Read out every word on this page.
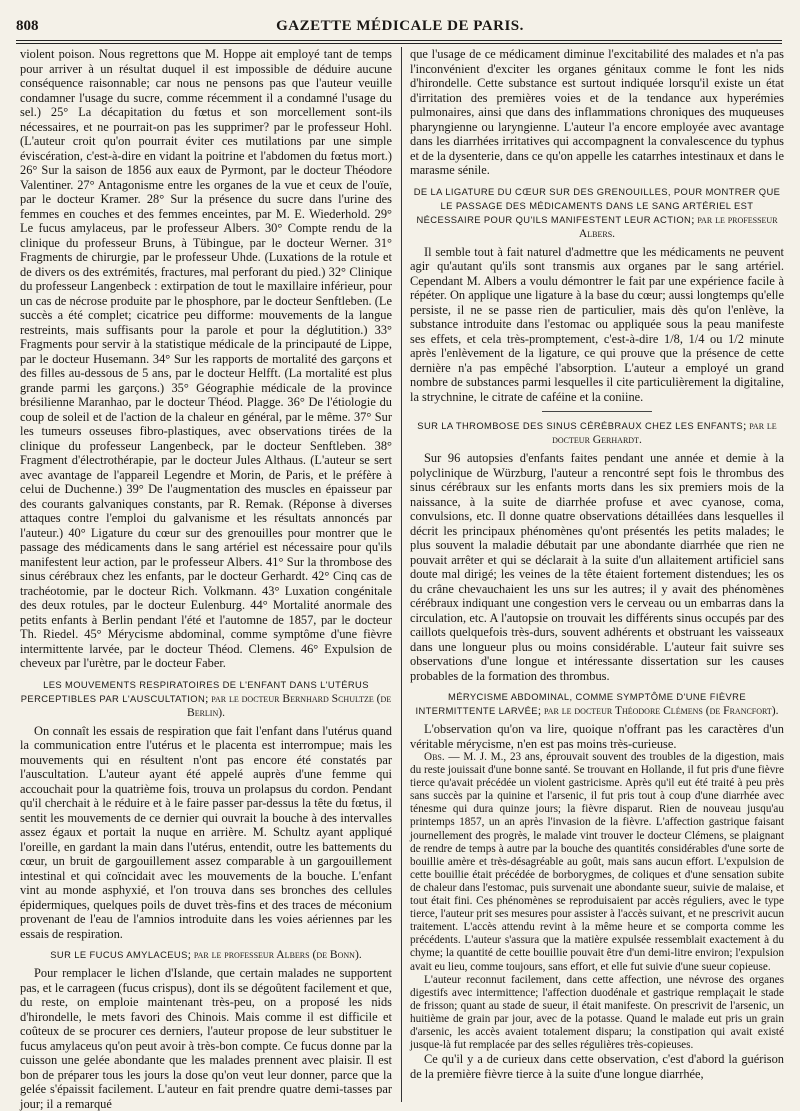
808	GAZETTE MÉDICALE DE PARIS.

violent poison. Nous regrettons que M. Hoppe ait employé tant de temps pour arriver à un résultat duquel il est impossible de déduire aucune conséquence raisonnable; car nous ne pensons pas que l'auteur veuille condamner l'usage du sucre, comme récemment il a condamné l'usage du sel.) 25° La décapitation du fœtus et son morcellement sont-ils nécessaires, et ne pourrait-on pas les supprimer? par le professeur Hohl. (L'auteur croit qu'on pourrait éviter ces mutilations par une simple éviscération, c'est-à-dire en vidant la poitrine et l'abdomen du fœtus mort.) 26° Sur la saison de 1856 aux eaux de Pyrmont, par le docteur Théodore Valentiner. 27° Antagonisme entre les organes de la vue et ceux de l'ouïe, par le docteur Kramer. 28° Sur la présence du sucre dans l'urine des femmes en couches et des femmes enceintes, par M. E. Wiederhold. 29° Le fucus amylaceus, par le professeur Albers. 30° Compte rendu de la clinique du professeur Bruns, à Tübingue, par le docteur Werner. 31° Fragments de chirurgie, par le professeur Uhde. (Luxations de la rotule et de divers os des extrémités, fractures, mal perforant du pied.) 32° Clinique du professeur Langenbeck : extirpation de tout le maxillaire inférieur, pour un cas de nécrose produite par le phosphore, par le docteur Senftleben. (Le succès a été complet; cicatrice peu difforme: mouvements de la langue restreints, mais suffisants pour la parole et pour la déglutition.) 33° Fragments pour servir à la statistique médicale de la principauté de Lippe, par le docteur Husemann. 34° Sur les rapports de mortalité des garçons et des filles au-dessous de 5 ans, par le docteur Helfft. (La mortalité est plus grande parmi les garçons.) 35° Géographie médicale de la province brésilienne Maranhao, par le docteur Théod. Plagge. 36° De l'étiologie du coup de soleil et de l'action de la chaleur en général, par le même. 37° Sur les tumeurs osseuses fibro-plastiques, avec observations tirées de la clinique du professeur Langenbeck, par le docteur Senftleben. 38° Fragment d'électrothérapie, par le docteur Jules Althaus. (L'auteur se sert avec avantage de l'appareil Legendre et Morin, de Paris, et le préfère à celui de Duchenne.) 39° De l'augmentation des muscles en épaisseur par des courants galvaniques constants, par R. Remak. (Réponse à diverses attaques contre l'emploi du galvanisme et les résultats annoncés par l'auteur.) 40° Ligature du cœur sur des grenouilles pour montrer que le passage des médicaments dans le sang artériel est nécessaire pour qu'ils manifestent leur action, par le professeur Albers. 41° Sur la thrombose des sinus cérébraux chez les enfants, par le docteur Gerhardt. 42° Cinq cas de trachéotomie, par le docteur Rich. Volkmann. 43° Luxation congénitale des deux rotules, par le docteur Eulenburg. 44° Mortalité anormale des petits enfants à Berlin pendant l'été et l'automne de 1857, par le docteur Th. Riedel. 45° Mérycisme abdominal, comme symptôme d'une fièvre intermittente larvée, par le docteur Théod. Clemens. 46° Expulsion de cheveux par l'urètre, par le docteur Faber.

LES MOUVEMENTS RESPIRATOIRES DE L'ENFANT DANS L'UTÉRUS PERCEPTIBLES PAR L'AUSCULTATION; par le docteur Bernhard Schultze (de Berlin).

On connaît les essais de respiration que fait l'enfant dans l'utérus quand la communication entre l'utérus et le placenta est interrompue; mais les mouvements qui en résultent n'ont pas encore été constatés par l'auscultation. L'auteur ayant été appelé auprès d'une femme qui accouchait pour la quatrième fois, trouva un prolapsus du cordon. Pendant qu'il cherchait à le réduire et à le faire passer par-dessus la tête du fœtus, il sentit les mouvements de ce dernier qui ouvrait la bouche à des intervalles assez égaux et portait la nuque en arrière. M. Schultz ayant appliqué l'oreille, en gardant la main dans l'utérus, entendit, outre les battements du cœur, un bruit de gargouillement assez comparable à un gargouillement intestinal et qui coïncidait avec les mouvements de la bouche. L'enfant vint au monde asphyxié, et l'on trouva dans ses bronches des cellules épidermiques, quelques poils de duvet très-fins et des traces de méconium provenant de l'eau de l'amnios introduite dans les voies aériennes par les essais de respiration.

SUR LE FUCUS AMYLACEUS; par le professeur Albers (de Bonn).

Pour remplacer le lichen d'Islande, que certain malades ne supportent pas, et le carrageen (fucus crispus), dont ils se dégoûtent facilement et que, du reste, on emploie maintenant très-peu, on a proposé les nids d'hirondelle, le mets favori des Chinois. Mais comme il est difficile et coûteux de se procurer ces derniers, l'auteur propose de leur substituer le fucus amylaceus qu'on peut avoir à très-bon compte. Ce fucus donne par la cuisson une gelée abondante que les malades prennent avec plaisir. Il est bon de préparer tous les jours la dose qu'on veut leur donner, parce que la gelée s'épaissit facilement. L'auteur en fait prendre quatre demi-tasses par jour; il a remarqué

que l'usage de ce médicament diminue l'excitabilité des malades et n'a pas l'inconvénient d'exciter les organes génitaux comme le font les nids d'hirondelle. Cette substance est surtout indiquée lorsqu'il existe un état d'irritation des premières voies et de la tendance aux hyperémies pulmonaires, ainsi que dans des inflammations chroniques des muqueuses pharyngienne ou laryngienne. L'auteur l'a encore employée avec avantage dans les diarrhées irritatives qui accompagnent la convalescence du typhus et de la dysenterie, dans ce qu'on appelle les catarrhes intestinaux et dans le marasme sénile.

DE LA LIGATURE DU CŒUR SUR DES GRENOUILLES, POUR MONTRER QUE LE PASSAGE DES MÉDICAMENTS DANS LE SANG ARTÉRIEL EST NÉCESSAIRE POUR QU'ILS MANIFESTENT LEUR ACTION; par le professeur Albers.

Il semble tout à fait naturel d'admettre que les médicaments ne peuvent agir qu'autant qu'ils sont transmis aux organes par le sang artériel. Cependant M. Albers a voulu démontrer le fait par une expérience facile à répéter. On applique une ligature à la base du cœur; aussi longtemps qu'elle persiste, il ne se passe rien de particulier, mais dès qu'on l'enlève, la substance introduite dans l'estomac ou appliquée sous la peau manifeste ses effets, et cela très-promptement, c'est-à-dire 1/8, 1/4 ou 1/2 minute après l'enlèvement de la ligature, ce qui prouve que la présence de cette dernière n'a pas empêché l'absorption. L'auteur a employé un grand nombre de substances parmi lesquelles il cite particulièrement la digitaline, la strychnine, le citrate de caféine et la coniine.

SUR LA THROMBOSE DES SINUS CÉRÉBRAUX CHEZ LES ENFANTS; par le docteur Gerhardt.

Sur 96 autopsies d'enfants faites pendant une année et demie à la polyclinique de Würzburg, l'auteur a rencontré sept fois le thrombus des sinus cérébraux sur les enfants morts dans les six premiers mois de la naissance, à la suite de diarrhée profuse et avec cyanose, coma, convulsions, etc. Il donne quatre observations détaillées dans lesquelles il décrit les principaux phénomènes qu'ont présentés les petits malades; le plus souvent la maladie débutait par une abondante diarrhée que rien ne pouvait arrêter et qui se déclarait à la suite d'un allaitement artificiel sans doute mal dirigé; les veines de la tête étaient fortement distendues; les os du crâne chevauchaient les uns sur les autres; il y avait des phénomènes cérébraux indiquant une congestion vers le cerveau ou un embarras dans la circulation, etc. A l'autopsie on trouvait les différents sinus occupés par des caillots quelquefois très-durs, souvent adhérents et obstruant les vaisseaux dans une longueur plus ou moins considérable. L'auteur fait suivre ses observations d'une longue et intéressante dissertation sur les causes probables de la formation des thrombus.

MÉRYCISME ABDOMINAL, COMME SYMPTÔME D'UNE FIÈVRE INTERMITTENTE LARVÉE; par le docteur Théodore Clémens (de Francfort).

L'observation qu'on va lire, quoique n'offrant pas les caractères d'un véritable mérycisme, n'en est pas moins très-curieuse.

Obs. — M. J. M., 23 ans, éprouvait souvent des troubles de la digestion, mais du reste jouissait d'une bonne santé. Se trouvant en Hollande, il fut pris d'une fièvre tierce qu'avait précédée un violent gastricisme. Après qu'il eut été traité à peu près sans succès par la quinine et l'arsenic, il fut pris tout à coup d'une diarrhée avec ténesme qui dura quinze jours; la fièvre disparut. Rien de nouveau jusqu'au printemps 1857, un an après l'invasion de la fièvre. L'affection gastrique faisant journellement des progrès, le malade vint trouver le docteur Clémens, se plaignant de rendre de temps à autre par la bouche des quantités considérables d'une sorte de bouillie amère et très-désagréable au goût, mais sans aucun effort. L'expulsion de cette bouillie était précédée de borborygmes, de coliques et d'une sensation subite de chaleur dans l'estomac, puis survenait une abondante sueur, suivie de malaise, et tout était fini. Ces phénomènes se reproduisaient par accès réguliers, avec le type tierce, l'auteur prit ses mesures pour assister à l'accès suivant, et ne prescrivit aucun traitement. L'accès attendu revint à la même heure et se comporta comme les précédents. L'auteur s'assura que la matière expulsée ressemblait exactement à du chyme; la quantité de cette bouillie pouvait être d'un demi-litre environ; l'expulsion avait eu lieu, comme toujours, sans effort, et elle fut suivie d'une sueur copieuse.

L'auteur reconnut facilement, dans cette affection, une névrose des organes digestifs avec intermittence; l'affection duodénale et gastrique remplaçait le stade de frisson; quant au stade de sueur, il était manifeste. On prescrivit de l'arsenic, un huitième de grain par jour, avec de la potasse. Quand le malade eut pris un grain d'arsenic, les accès avaient totalement disparu; la constipation qui avait existé jusque-là fut remplacée par des selles régulières très-copieuses.

Ce qu'il y a de curieux dans cette observation, c'est d'abord la guérison de la première fièvre tierce à la suite d'une longue diarrhée,
